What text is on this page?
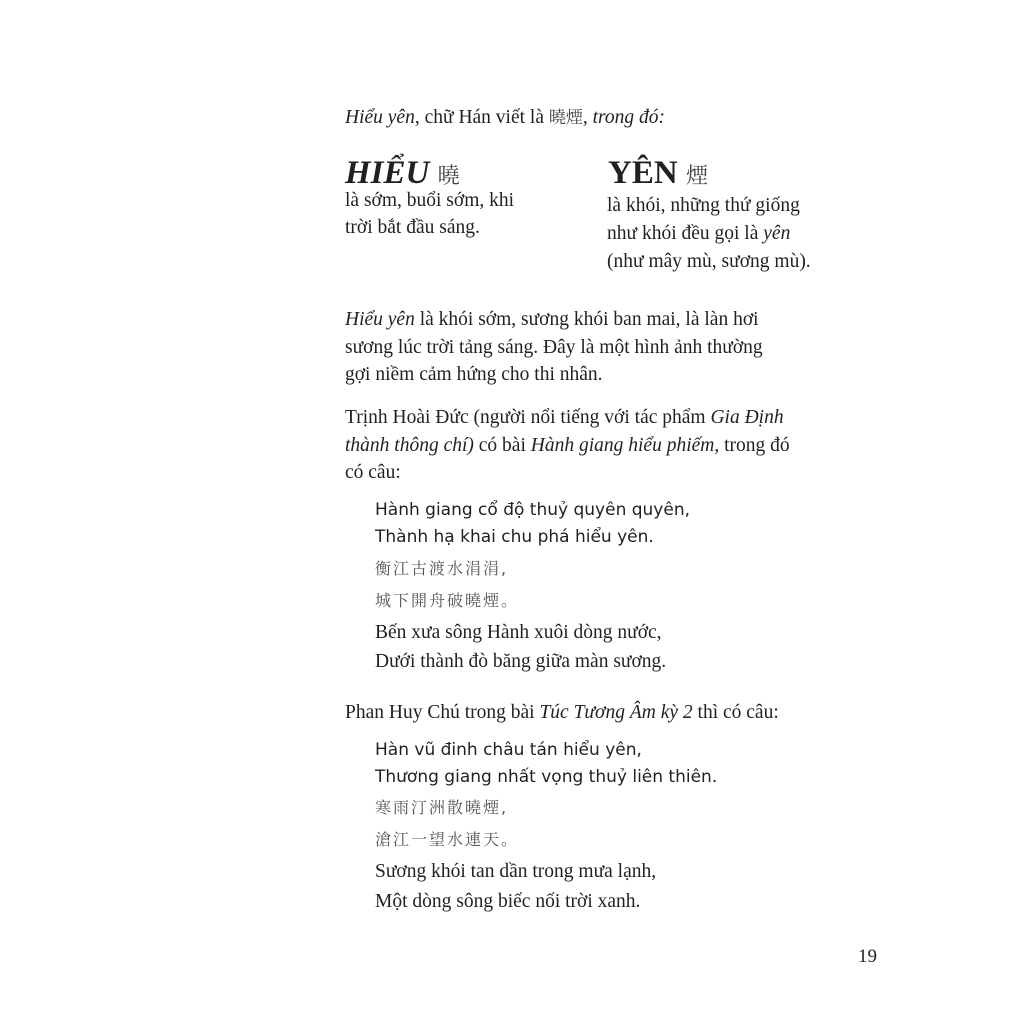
Hiểu yên, chữ Hán viết là 曉煙, trong đó:
HIỂU 曉
là sớm, buổi sớm, khi
trời bắt đầu sáng.
YÊN 煙
là khói, những thứ giống
như khói đều gọi là yên
(như mây mù, sương mù).
Hiểu yên là khói sớm, sương khói ban mai, là làn hơi
sương lúc trời tảng sáng. Đây là một hình ảnh thường
gợi niềm cảm hứng cho thi nhân.
Trịnh Hoài Đức (người nổi tiếng với tác phẩm Gia Định
thành thông chí) có bài Hành giang hiểu phiếm, trong đó
có câu:
Hành giang cổ độ thuỷ quyên quyên,
Thành hạ khai chu phá hiểu yên.
衡江古渡水涓涓,
城下開舟破曉煙。
Bến xưa sông Hành xuôi dòng nước,
Dưới thành đò băng giữa màn sương.
Phan Huy Chú trong bài Túc Tương Âm kỳ 2 thì có câu:
Hàn vũ đinh châu tán hiểu yên,
Thương giang nhất vọng thuỷ liên thiên.
寒雨汀洲散曉煙,
滄江一望水連天。
Sương khói tan dần trong mưa lạnh,
Một dòng sông biếc nối trời xanh.
19
